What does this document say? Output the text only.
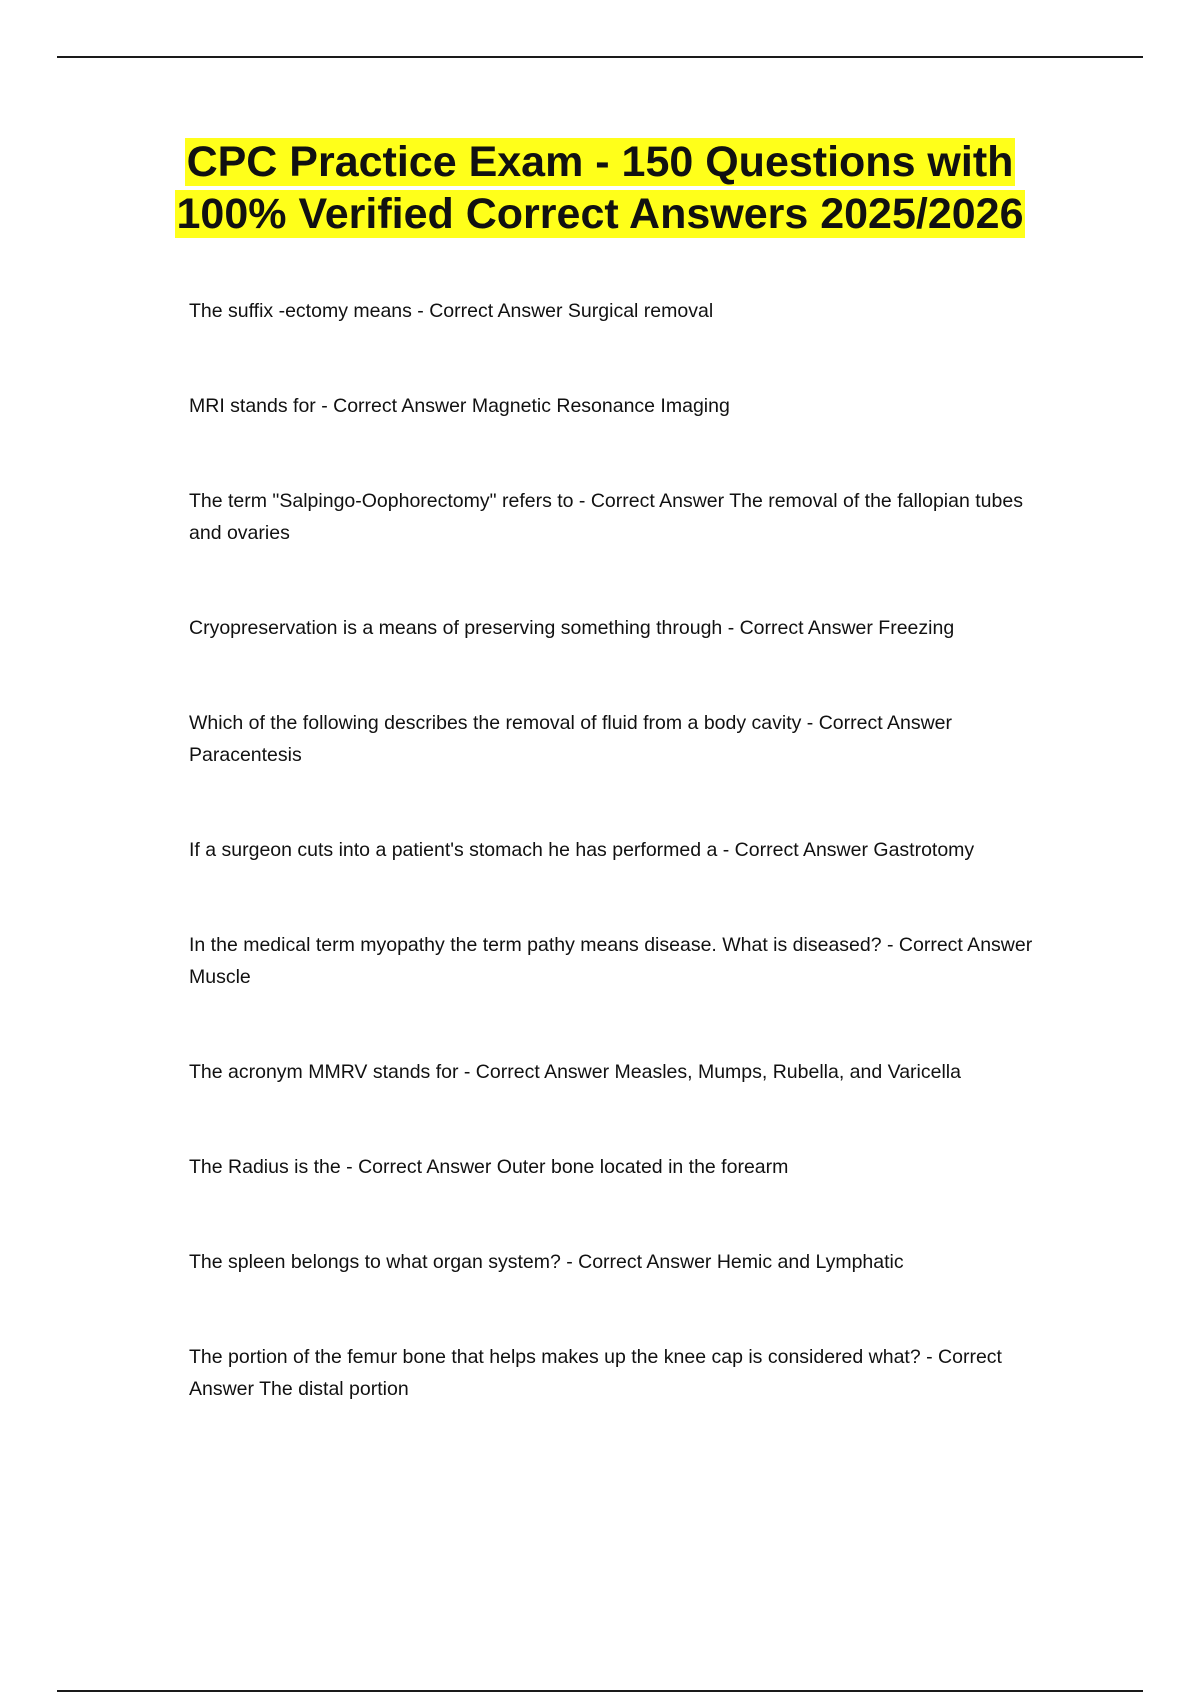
CPC Practice Exam - 150 Questions with 100% Verified Correct Answers 2025/2026
The suffix -ectomy means - Correct Answer Surgical removal
MRI stands for - Correct Answer Magnetic Resonance Imaging
The term "Salpingo-Oophorectomy" refers to - Correct Answer The removal of the fallopian tubes and ovaries
Cryopreservation is a means of preserving something through - Correct Answer Freezing
Which of the following describes the removal of fluid from a body cavity - Correct Answer Paracentesis
If a surgeon cuts into a patient's stomach he has performed a - Correct Answer Gastrotomy
In the medical term myopathy the term pathy means disease. What is diseased? - Correct Answer Muscle
The acronym MMRV stands for - Correct Answer Measles, Mumps, Rubella, and Varicella
The Radius is the - Correct Answer Outer bone located in the forearm
The spleen belongs to what organ system? - Correct Answer Hemic and Lymphatic
The portion of the femur bone that helps makes up the knee cap is considered what? - Correct Answer The distal portion
